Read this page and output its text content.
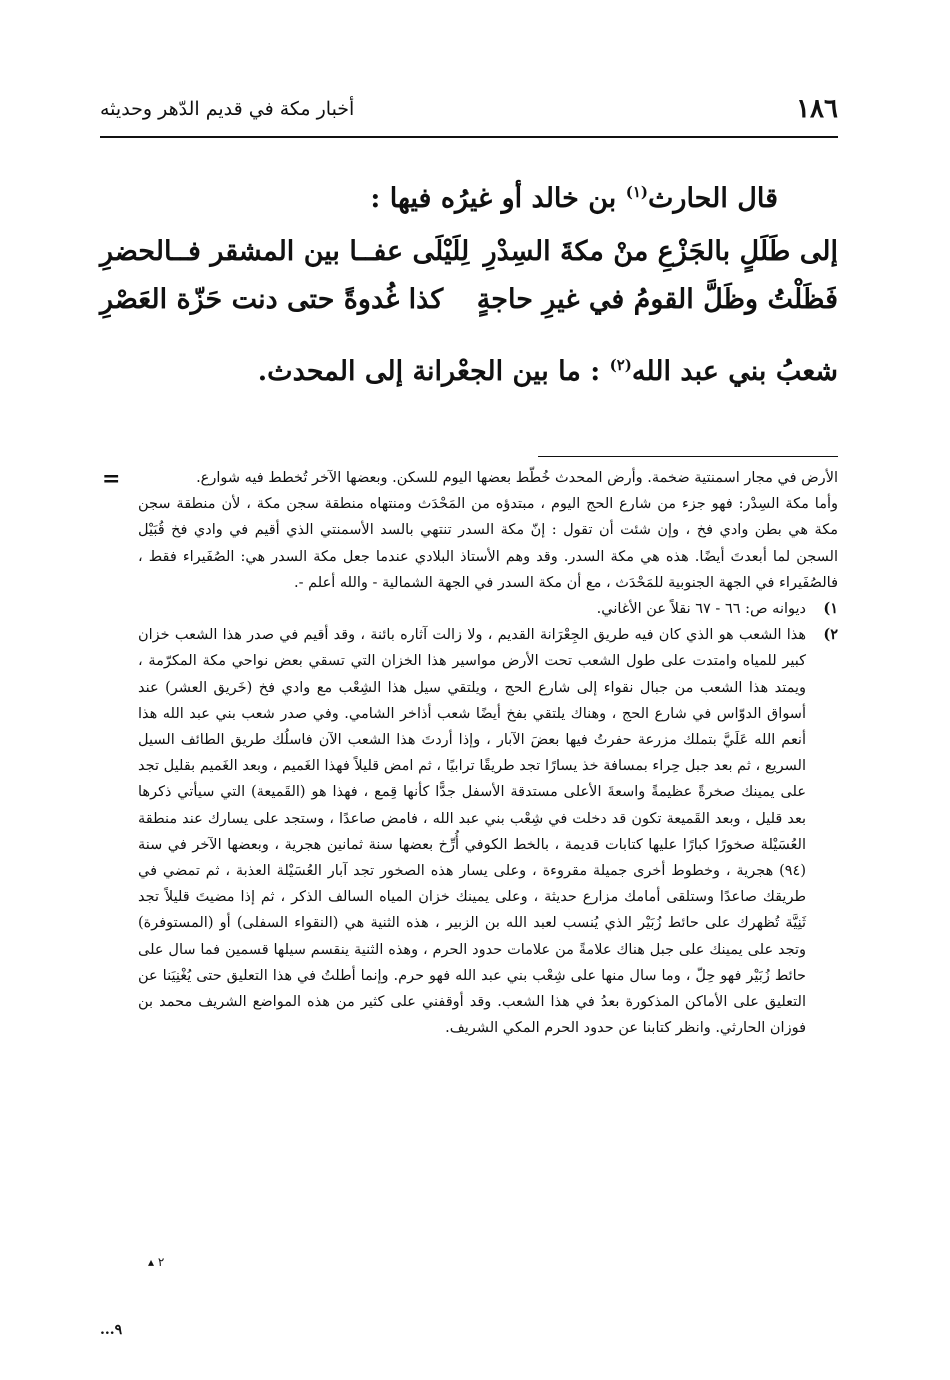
١٨٦
أخبار مكة في قديم الدّهر وحديثه

قال الحارث$^{(١)}$ بن خالد أو غيرُه فيها :

إلى طَلَلٍ بالجَزْعِ منْ مكةَ السِدْرِ
لِلَيْلَى عفــا بين المشقر فــالحضرِ
فَظَلْتُ وظَلَّ القومُ في غيرِ حاجةٍ
كذا غُدوةً حتى دنت حَزّة العَصْرِ

شعبُ بني عبد الله$^{(٢)}$ : ما بين الجعْرانة إلى المحدث.

=	الأرض في مجار اسمنتية ضخمة. وأرض المحدث خُطّط بعضها اليوم للسكن. وبعضها الآخر تُخطط فيه شوارع.

وأما مكة السِدْر: فهو جزء من شارع الحج اليوم ، مبتدؤه من المَحْدَث ومنتهاه منطقة سجن مكة ، لأن منطقة سجن مكة هي بطن وادي فخ ، وإن شئت أن تقول : إنّ مكة السدر تنتهي بالسد الأسمنتي الذي أقيم في وادي فخ قُبَيْل السجن لما أبعدتَ أيضًا. هذه هي مكة السدر. وقد وهم الأستاذ البلادي عندما جعل مكة السدر هي: الصُفَيراء فقط ، فالصُفَيراء في الجهة الجنوبية للمَحْدَث ، مع أن مكة السدر في الجهة الشمالية - والله أعلم -.

١)

ديوانه ص: ٦٦ - ٦٧ نقلاً عن الأغاني.

٢)

هذا الشعب هو الذي كان فيه طريق الجِعْرَانة القديم ، ولا زالت آثاره بائنة ، وقد أقيم في صدر هذا الشعب خزان كبير للمياه وامتدت على طول الشعب تحت الأرض مواسير هذا الخزان التي تسقي بعض نواحي مكة المكرّمة ، ويمتد هذا الشعب من جبال نقواء إلى شارع الحج ، ويلتقي سيل هذا الشِعْب مع وادي فخ (خَريق العشر) عند أسواق الدوّاس في شارع الحج ، وهناك يلتقي بفخ أيضًا شعب أذاخر الشامي. وفي صدر شعب بني عبد الله هذا أنعم الله عَلَيَّ بتملك مزرعة حفرتُ فيها بعضَ الآبار ، وإذا أردتَ هذا الشعب الآن فاسلُك طريق الطائف السيل السريع ، ثم بعد جبل حِراء بمسافة خذ يسارًا تجد طريقًا ترابيًا ، ثم امض قليلاً فهذا الغَميم ، وبعد الغَميم بقليل تجد على يمينك صخرةً عظيمةً واسعةَ الأعلى مستدقة الأسفل جدًّا كأنها قِمع ، فهذا هو (القَميعة) التي سيأتي ذكرها بعد قليل ، وبعد القَميعة تكون قد دخلت في شِعْب بني عبد الله ، فامض صاعدًا ، وستجد على يسارك عند منطقة العُسَيْلة صخورًا كبارًا عليها كتابات قديمة ، بالخط الكوفي أُرِّخ بعضها سنة ثمانين هجرية ، وبعضها الآخر في سنة (٩٤) هجرية ، وخطوط أخرى جميلة مقروءة ، وعلى يسار هذه الصخور تجد آبار العُسَيْلة العذبة ، ثم تمضي في طريقك صاعدًا وستلقى أمامك مزارع حديثة ، وعلى يمينك خزان المياه السالف الذكر ، ثم إذا مضيتَ قليلاً تجد ثَنِيَّة تُظهرك على حائط زُبَيْر الذي يُنسب لعبد الله بن الزبير ، هذه الثنية هي (النقواء السفلى) أو (المستوفرة) وتجد على يمينك على جبل هناك علامةً من علامات حدود الحرم ، وهذه الثنية ينقسم سيلها قسمين فما سال على حائط زُبَيْر فهو حِلّ ، وما سال منها على شِعْب بني عبد الله فهو حرم. وإنما أطلتُ في هذا التعليق حتى يُغْنِيَنا عن التعليق على الأماكن المذكورة بعدُ في هذا الشعب. وقد أوقفني على كثير من هذه المواضع الشريف محمد بن فوزان الحارثي. وانظر كتابنا عن حدود الحرم المكي الشريف.

٢ ▴
٩...
